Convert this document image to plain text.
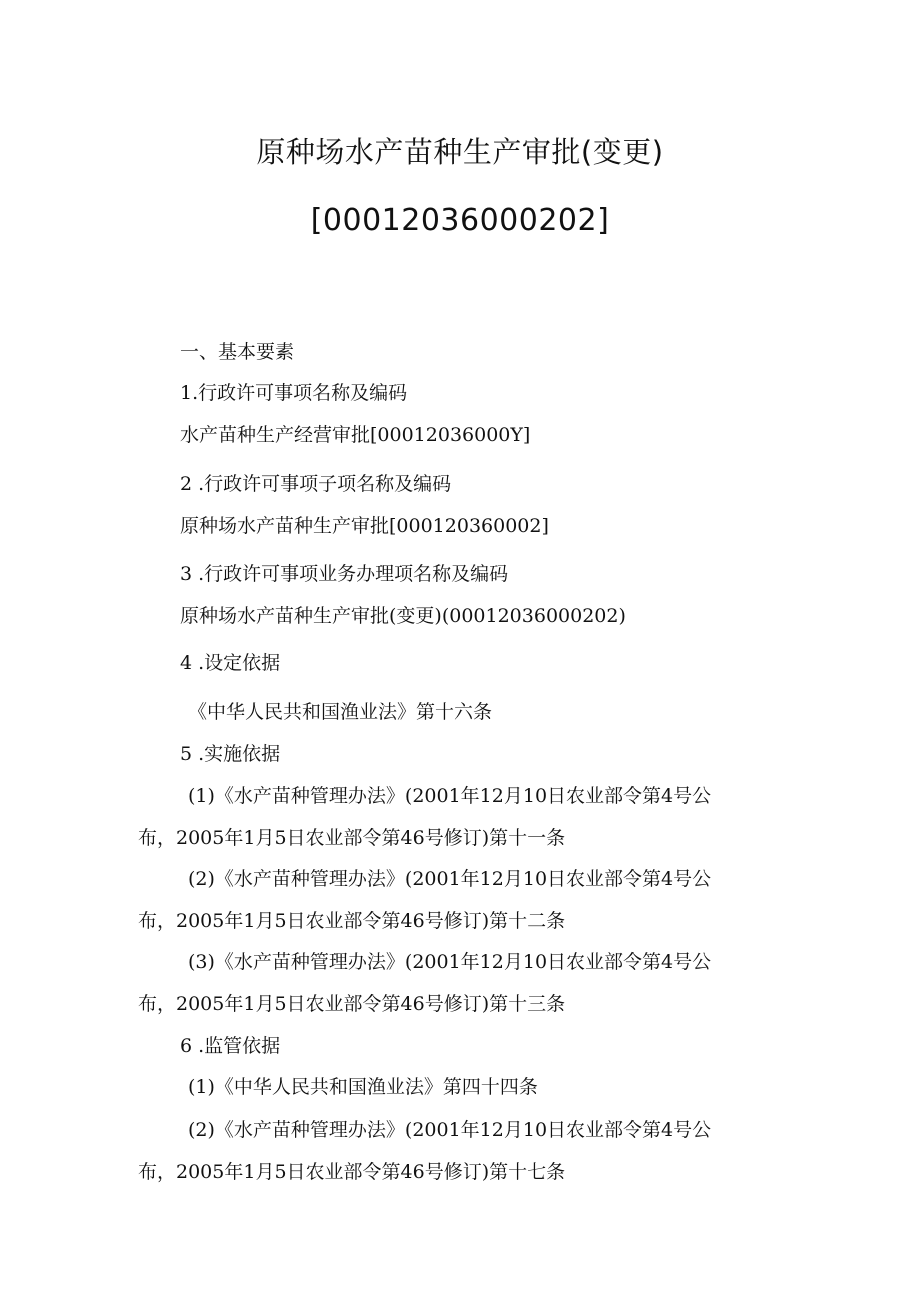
原种场水产苗种生产审批(变更)
[00012036000202]
一、基本要素
1.行政许可事项名称及编码
水产苗种生产经营审批[00012036000Y]
2 .行政许可事项子项名称及编码
原种场水产苗种生产审批[000120360002]
3 .行政许可事项业务办理项名称及编码
原种场水产苗种生产审批(变更)(00012036000202)
4 .设定依据
《中华人民共和国渔业法》第十六条
5 .实施依据
(1)《水产苗种管理办法》(2001年12月10日农业部令第4号公
布，2005年1月5日农业部令第46号修订)第十一条
(2)《水产苗种管理办法》(2001年12月10日农业部令第4号公
布，2005年1月5日农业部令第46号修订)第十二条
(3)《水产苗种管理办法》(2001年12月10日农业部令第4号公
布，2005年1月5日农业部令第46号修订)第十三条
6 .监管依据
(1)《中华人民共和国渔业法》第四十四条
(2)《水产苗种管理办法》(2001年12月10日农业部令第4号公
布，2005年1月5日农业部令第46号修订)第十七条
